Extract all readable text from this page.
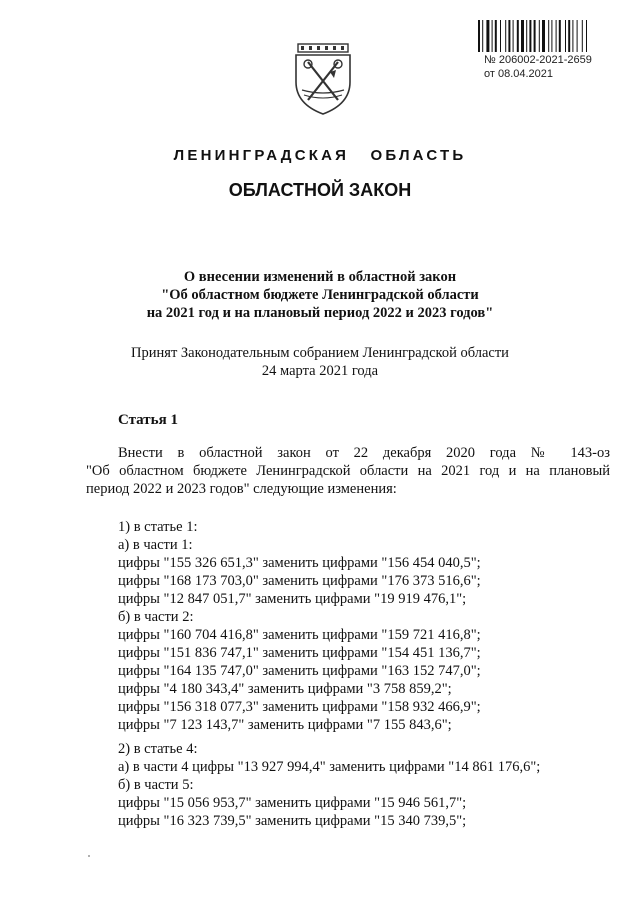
№ 206002-2021-2659
от 08.04.2021
ЛЕНИНГРАДСКАЯ ОБЛАСТЬ
ОБЛАСТНОЙ ЗАКОН
О внесении изменений в областной закон
"Об областном бюджете Ленинградской области
на 2021 год и на плановый период 2022 и 2023 годов"
Принят Законодательным собранием Ленинградской области
24 марта 2021 года
Статья 1
Внести в областной закон от 22 декабря 2020 года № 143-оз
"Об областном бюджете Ленинградской области на 2021 год и на плановый
период 2022 и 2023 годов" следующие изменения:
1) в статье 1:
а) в части 1:
цифры "155 326 651,3" заменить цифрами "156 454 040,5";
цифры "168 173 703,0" заменить цифрами "176 373 516,6";
цифры "12 847 051,7" заменить цифрами "19 919 476,1";
б) в части 2:
цифры "160 704 416,8" заменить цифрами "159 721 416,8";
цифры "151 836 747,1" заменить цифрами "154 451 136,7";
цифры "164 135 747,0" заменить цифрами "163 152 747,0";
цифры "4 180 343,4" заменить цифрами "3 758 859,2";
цифры "156 318 077,3" заменить цифрами "158 932 466,9";
цифры "7 123 143,7" заменить цифрами "7 155 843,6";
2) в статье 4:
а) в части 4 цифры "13 927 994,4" заменить цифрами "14 861 176,6";
б) в части 5:
цифры "15 056 953,7" заменить цифрами "15 946 561,7";
цифры "16 323 739,5" заменить цифрами "15 340 739,5";
